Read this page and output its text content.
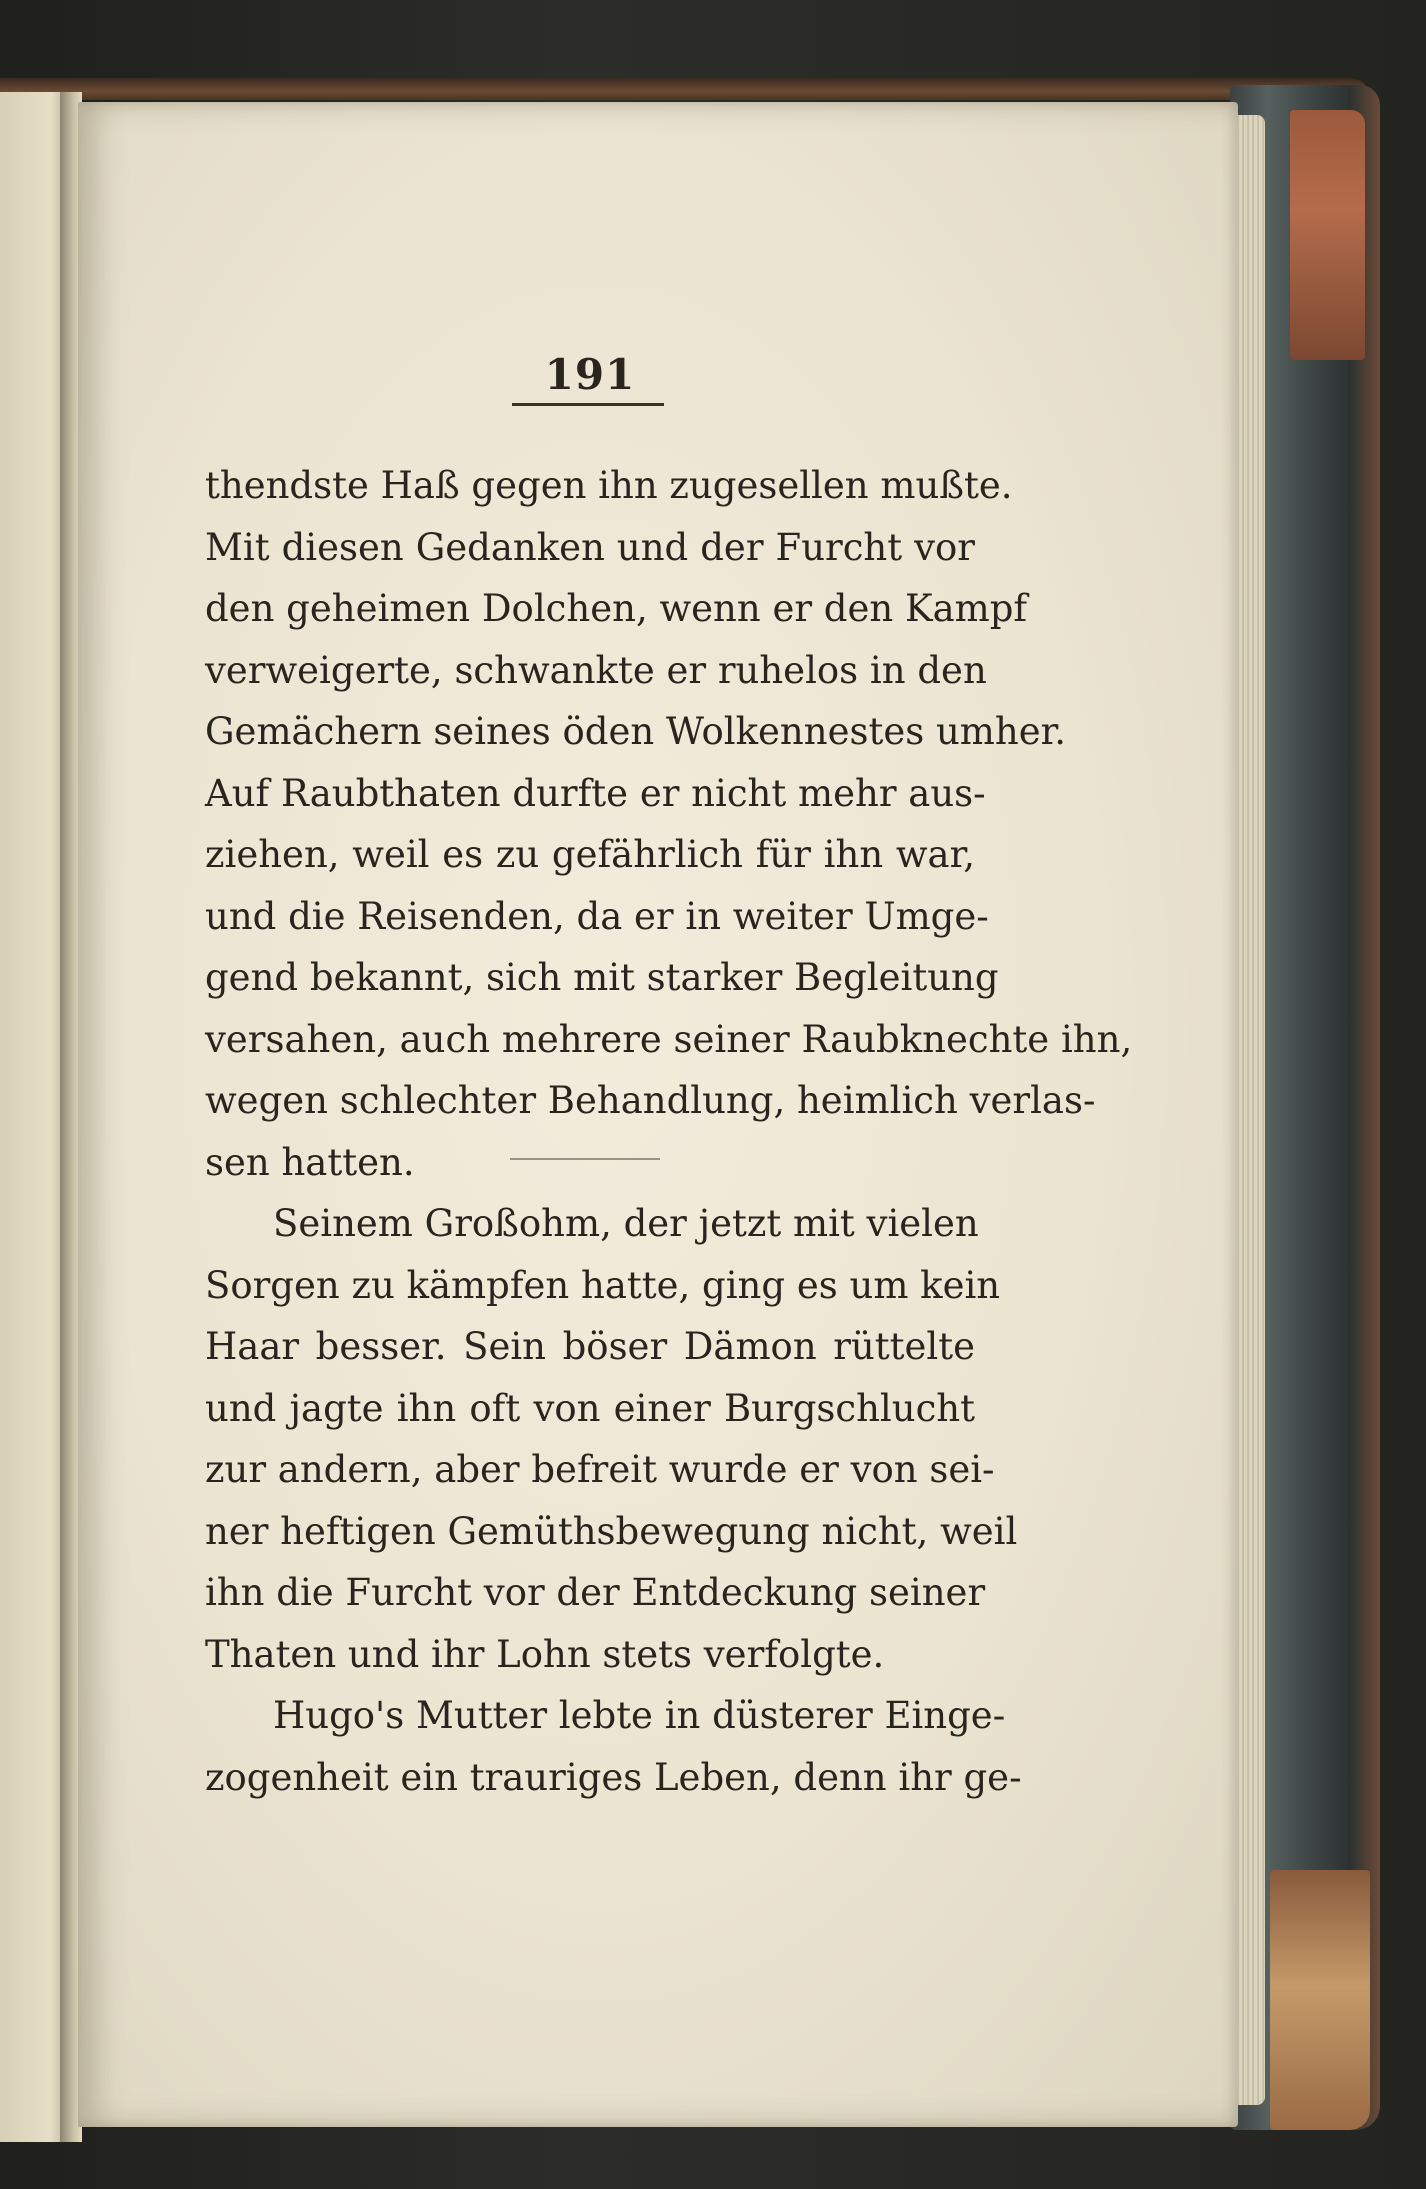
191
thendste Haß gegen ihn zugesellen mußte.
Mit diesen Gedanken und der Furcht vor
den geheimen Dolchen, wenn er den Kampf
verweigerte, schwankte er ruhelos in den
Gemächern seines öden Wolkennestes umher.
Auf Raubthaten durfte er nicht mehr aus-
ziehen, weil es zu gefährlich für ihn war,
und die Reisenden, da er in weiter Umge-
gend bekannt, sich mit starker Begleitung
versahen, auch mehrere seiner Raubknechte ihn,
wegen schlechter Behandlung, heimlich verlas-
sen hatten.
Seinem Großohm, der jetzt mit vielen
Sorgen zu kämpfen hatte, ging es um kein
Haar besser. Sein böser Dämon rüttelte
und jagte ihn oft von einer Burgschlucht
zur andern, aber befreit wurde er von sei-
ner heftigen Gemüthsbewegung nicht, weil
ihn die Furcht vor der Entdeckung seiner
Thaten und ihr Lohn stets verfolgte.
Hugo's Mutter lebte in düsterer Einge-
zogenheit ein trauriges Leben, denn ihr ge-
